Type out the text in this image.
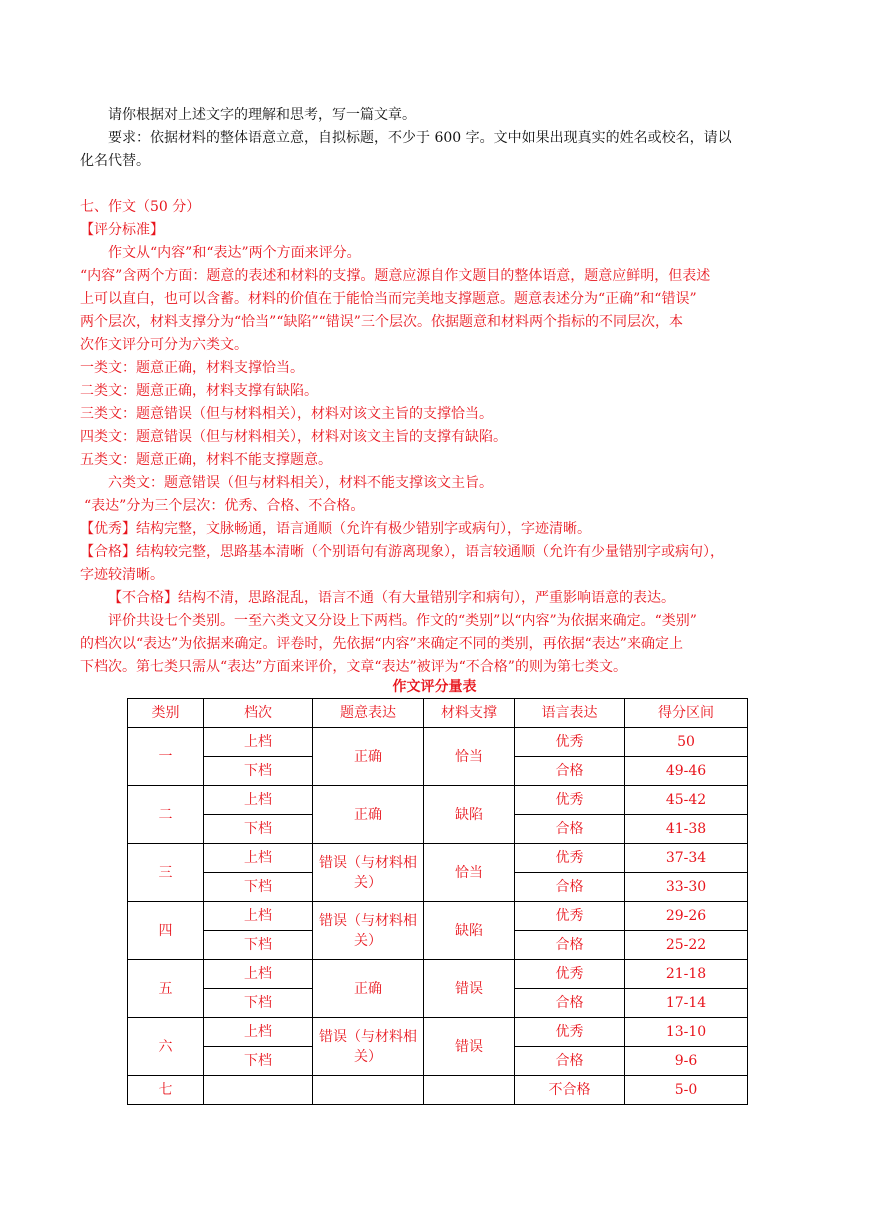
请你根据对上述文字的理解和思考，写一篇文章。
要求：依据材料的整体语意立意，自拟标题，不少于 600 字。文中如果出现真实的姓名或校名，请以
化名代替。
七、作文（50 分）
【评分标准】
作文从“内容”和“表达”两个方面来评分。
“内容”含两个方面：题意的表述和材料的支撑。题意应源自作文题目的整体语意，题意应鲜明，但表述
上可以直白，也可以含蓄。材料的价值在于能恰当而完美地支撑题意。题意表述分为“正确”和“错误”
两个层次，材料支撑分为“恰当”“缺陷”“错误”三个层次。依据题意和材料两个指标的不同层次，本
次作文评分可分为六类文。
一类文：题意正确，材料支撑恰当。
二类文：题意正确，材料支撑有缺陷。
三类文：题意错误（但与材料相关），材料对该文主旨的支撑恰当。
四类文：题意错误（但与材料相关），材料对该文主旨的支撑有缺陷。
五类文：题意正确，材料不能支撑题意。
六类文：题意错误（但与材料相关），材料不能支撑该文主旨。
“表达”分为三个层次：优秀、合格、不合格。
【优秀】结构完整，文脉畅通，语言通顺（允许有极少错别字或病句），字迹清晰。
【合格】结构较完整，思路基本清晰（个别语句有游离现象），语言较通顺（允许有少量错别字或病句），
字迹较清晰。
【不合格】结构不清，思路混乱，语言不通（有大量错别字和病句），严重影响语意的表达。
评价共设七个类别。一至六类文又分设上下两档。作文的“类别”以“内容”为依据来确定。“类别”
的档次以“表达”为依据来确定。评卷时，先依据“内容”来确定不同的类别，再依据“表达”来确定上
下档次。第七类只需从“表达”方面来评价，文章“表达”被评为“不合格”的则为第七类文。
作文评分量表
类别	档次	题意表达	材料支撑	语言表达	得分区间
一	上档	正确	恰当	优秀	50
	下档			合格	49-46
二	上档	正确	缺陷	优秀	45-42
	下档			合格	41-38
三	上档	错误（与材料相关）	恰当	优秀	37-34
	下档			合格	33-30
四	上档	错误（与材料相关）	缺陷	优秀	29-26
	下档			合格	25-22
五	上档	正确	错误	优秀	21-18
	下档			合格	17-14
六	上档	错误（与材料相关）	错误	优秀	13-10
	下档			合格	9-6
七				不合格	5-0
